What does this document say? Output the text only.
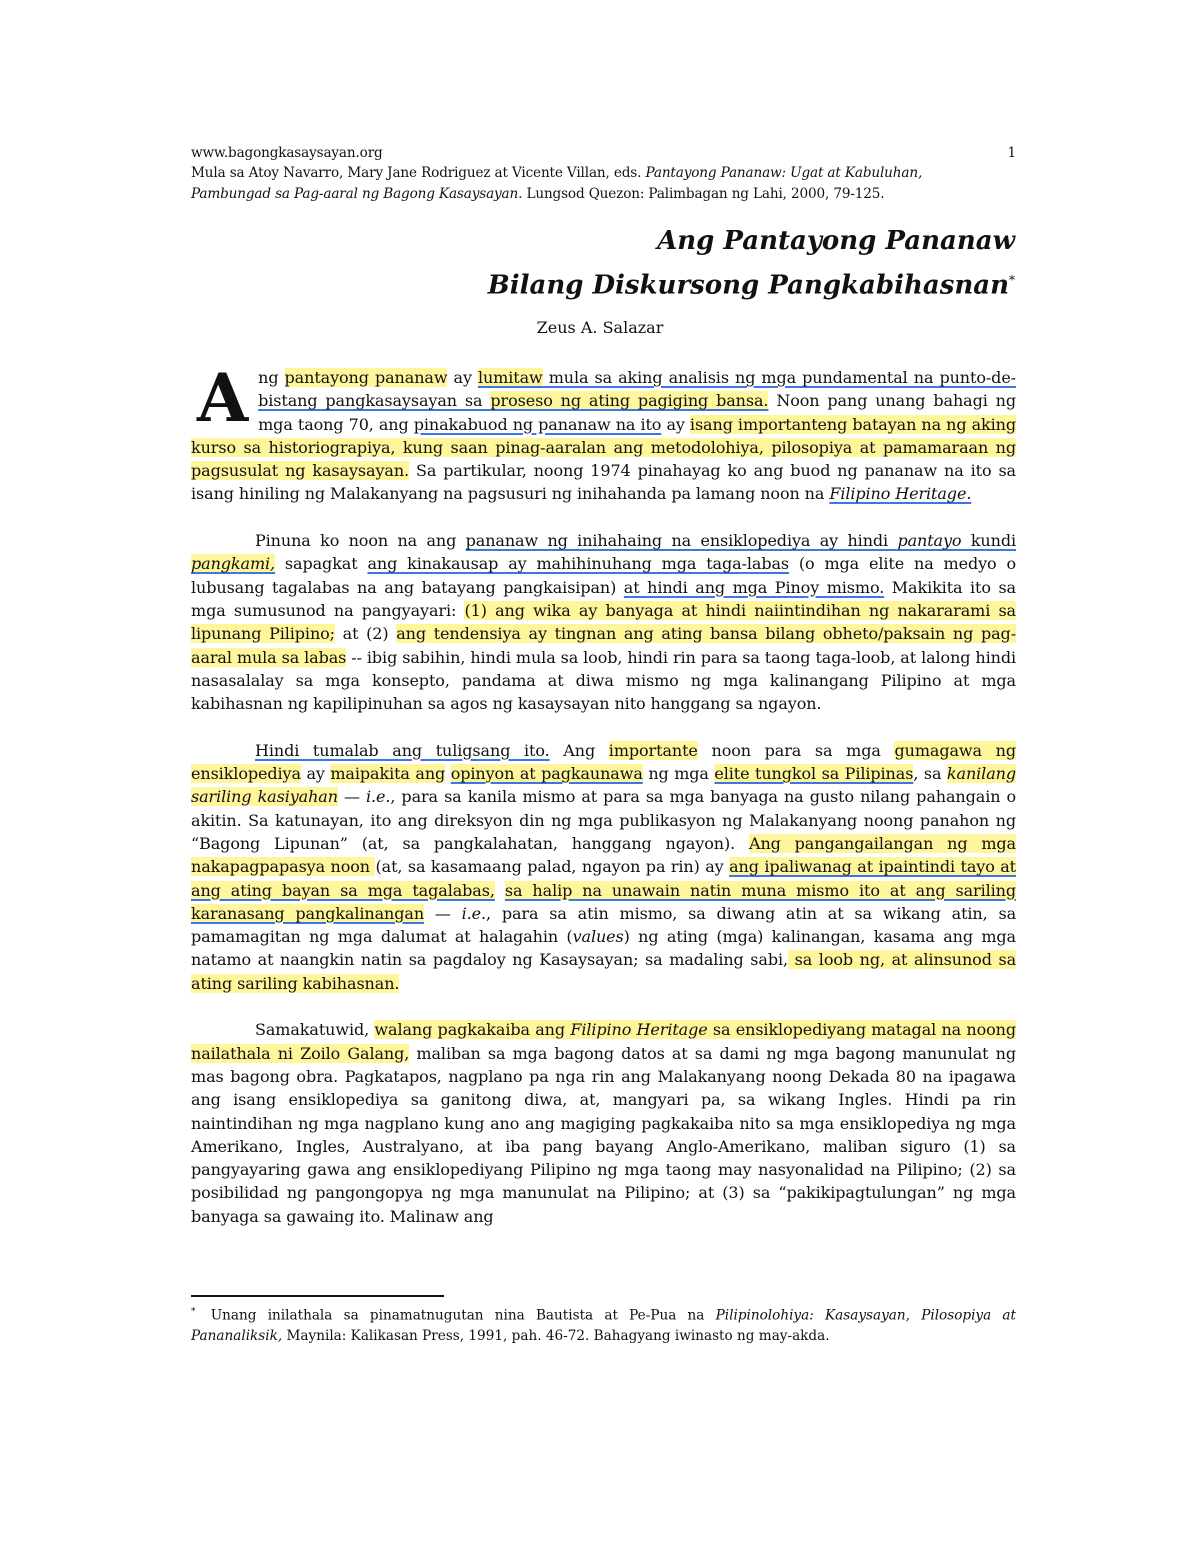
www.bagongkasaysayan.org	1
Mula sa Atoy Navarro, Mary Jane Rodriguez at Vicente Villan, eds. Pantayong Pananaw: Ugat at Kabuluhan,
Pambungad sa Pag-aaral ng Bagong Kasaysayan. Lungsod Quezon: Palimbagan ng Lahi, 2000, 79-125.
Ang Pantayong Pananaw
Bilang Diskursong Pangkabihasnan*
Zeus A. Salazar

Ang pantayong pananaw ay lumitaw mula sa aking analisis ng mga pundamental na punto-de-bistang pangkasaysayan sa proseso ng ating pagiging bansa. Noon pang unang bahagi ng mga taong 70, ang pinakabuod ng pananaw na ito ay isang importanteng batayan na ng aking kurso sa historiograpiya, kung saan pinag-aaralan ang metodolohiya, pilosopiya at pamamaraan ng pagsusulat ng kasaysayan. Sa partikular, noong 1974 pinahayag ko ang buod ng pananaw na ito sa isang hiniling ng Malakanyang na pagsusuri ng inihahanda pa lamang noon na Filipino Heritage.

Pinuna ko noon na ang pananaw ng inihahaing na ensiklopediya ay hindi pantayo kundi pangkami, sapagkat ang kinakausap ay mahihinuhang mga taga-labas (o mga elite na medyo o lubusang tagalabas na ang batayang pangkaisipan) at hindi ang mga Pinoy mismo. Makikita ito sa mga sumusunod na pangyayari: (1) ang wika ay banyaga at hindi naiintindihan ng nakararami sa lipunang Pilipino; at (2) ang tendensiya ay tingnan ang ating bansa bilang obheto/paksain ng pag-aaral mula sa labas -- ibig sabihin, hindi mula sa loob, hindi rin para sa taong taga-loob, at lalong hindi nasasalalay sa mga konsepto, pandama at diwa mismo ng mga kalinangang Pilipino at mga kabihasnan ng kapilipinuhan sa agos ng kasaysayan nito hanggang sa ngayon.

Hindi tumalab ang tuligsang ito. Ang importante noon para sa mga gumagawa ng ensiklopediya ay maipakita ang opinyon at pagkaunawa ng mga elite tungkol sa Pilipinas, sa kanilang sariling kasiyahan — i.e., para sa kanila mismo at para sa mga banyaga na gusto nilang pahangain o akitin. Sa katunayan, ito ang direksyon din ng mga publikasyon ng Malakanyang noong panahon ng “Bagong Lipunan” (at, sa pangkalahatan, hanggang ngayon). Ang pangangailangan ng mga nakapagpapasya noon (at, sa kasamaang palad, ngayon pa rin) ay ang ipaliwanag at ipaintindi tayo at ang ating bayan sa mga tagalabas, sa halip na unawain natin muna mismo ito at ang sariling karanasang pangkalinangan — i.e., para sa atin mismo, sa diwang atin at sa wikang atin, sa pamamagitan ng mga dalumat at halagahin (values) ng ating (mga) kalinangan, kasama ang mga natamo at naangkin natin sa pagdaloy ng Kasaysayan; sa madaling sabi, sa loob ng, at alinsunod sa ating sariling kabihasnan.

Samakatuwid, walang pagkakaiba ang Filipino Heritage sa ensiklopediyang matagal na noong nailathala ni Zoilo Galang, maliban sa mga bagong datos at sa dami ng mga bagong manunulat ng mas bagong obra. Pagkatapos, nagplano pa nga rin ang Malakanyang noong Dekada 80 na ipagawa ang isang ensiklopediya sa ganitong diwa, at, mangyari pa, sa wikang Ingles. Hindi pa rin naintindihan ng mga nagplano kung ano ang magiging pagkakaiba nito sa mga ensiklopediya ng mga Amerikano, Ingles, Australyano, at iba pang bayang Anglo-Amerikano, maliban siguro (1) sa pangyayaring gawa ang ensiklopediyang Pilipino ng mga taong may nasyonalidad na Pilipino; (2) sa posibilidad ng pangongopya ng mga manunulat na Pilipino; at (3) sa “pakikipagtulungan” ng mga banyaga sa gawaing ito. Malinaw ang

* Unang inilathala sa pinamatnugutan nina Bautista at Pe-Pua na Pilipinolohiya: Kasaysayan, Pilosopiya at Pananaliksik, Maynila: Kalikasan Press, 1991, pah. 46-72. Bahagyang iwinasto ng may-akda.
